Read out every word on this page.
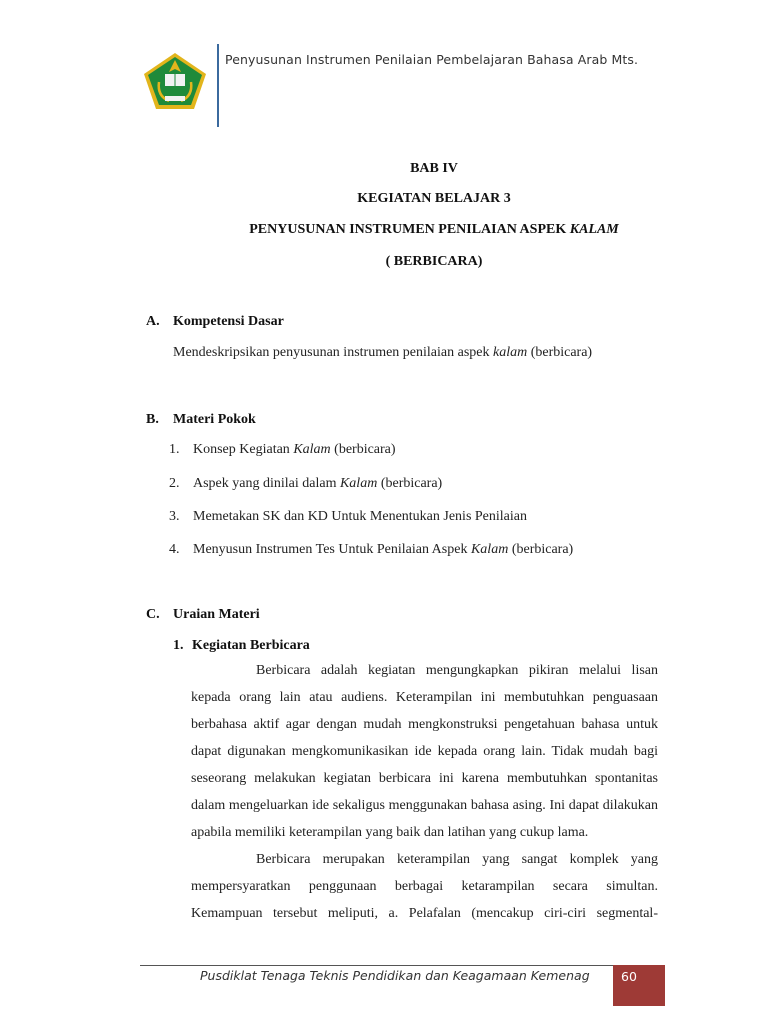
Penyusunan Instrumen Penilaian Pembelajaran Bahasa Arab Mts.
BAB IV
KEGIATAN BELAJAR 3
PENYUSUNAN INSTRUMEN PENILAIAN ASPEK KALAM
( BERBICARA)
A. Kompetensi Dasar
Mendeskripsikan penyusunan instrumen penilaian aspek kalam (berbicara)
B. Materi Pokok
1. Konsep Kegiatan Kalam (berbicara)
2. Aspek yang dinilai dalam Kalam (berbicara)
3. Memetakan SK dan KD Untuk Menentukan Jenis Penilaian
4. Menyusun Instrumen Tes Untuk Penilaian Aspek Kalam (berbicara)
C. Uraian Materi
1. Kegiatan Berbicara

Berbicara adalah kegiatan mengungkapkan pikiran melalui lisan kepada orang lain atau audiens. Keterampilan ini membutuhkan penguasaan berbahasa aktif agar dengan mudah mengkonstruksi pengetahuan bahasa untuk dapat digunakan mengkomunikasikan ide kepada orang lain. Tidak mudah bagi seseorang melakukan kegiatan berbicara ini karena membutuhkan spontanitas dalam mengeluarkan ide sekaligus menggunakan bahasa asing. Ini dapat dilakukan apabila memiliki keterampilan yang baik dan latihan yang cukup lama.

Berbicara merupakan keterampilan yang sangat komplek yang mempersyaratkan penggunaan berbagai ketarampilan secara simultan. Kemampuan tersebut meliputi, a. Pelafalan (mencakup ciri-ciri segmental-

Pusdiklat Tenaga Teknis Pendidikan dan Keagamaan Kemenag	60
